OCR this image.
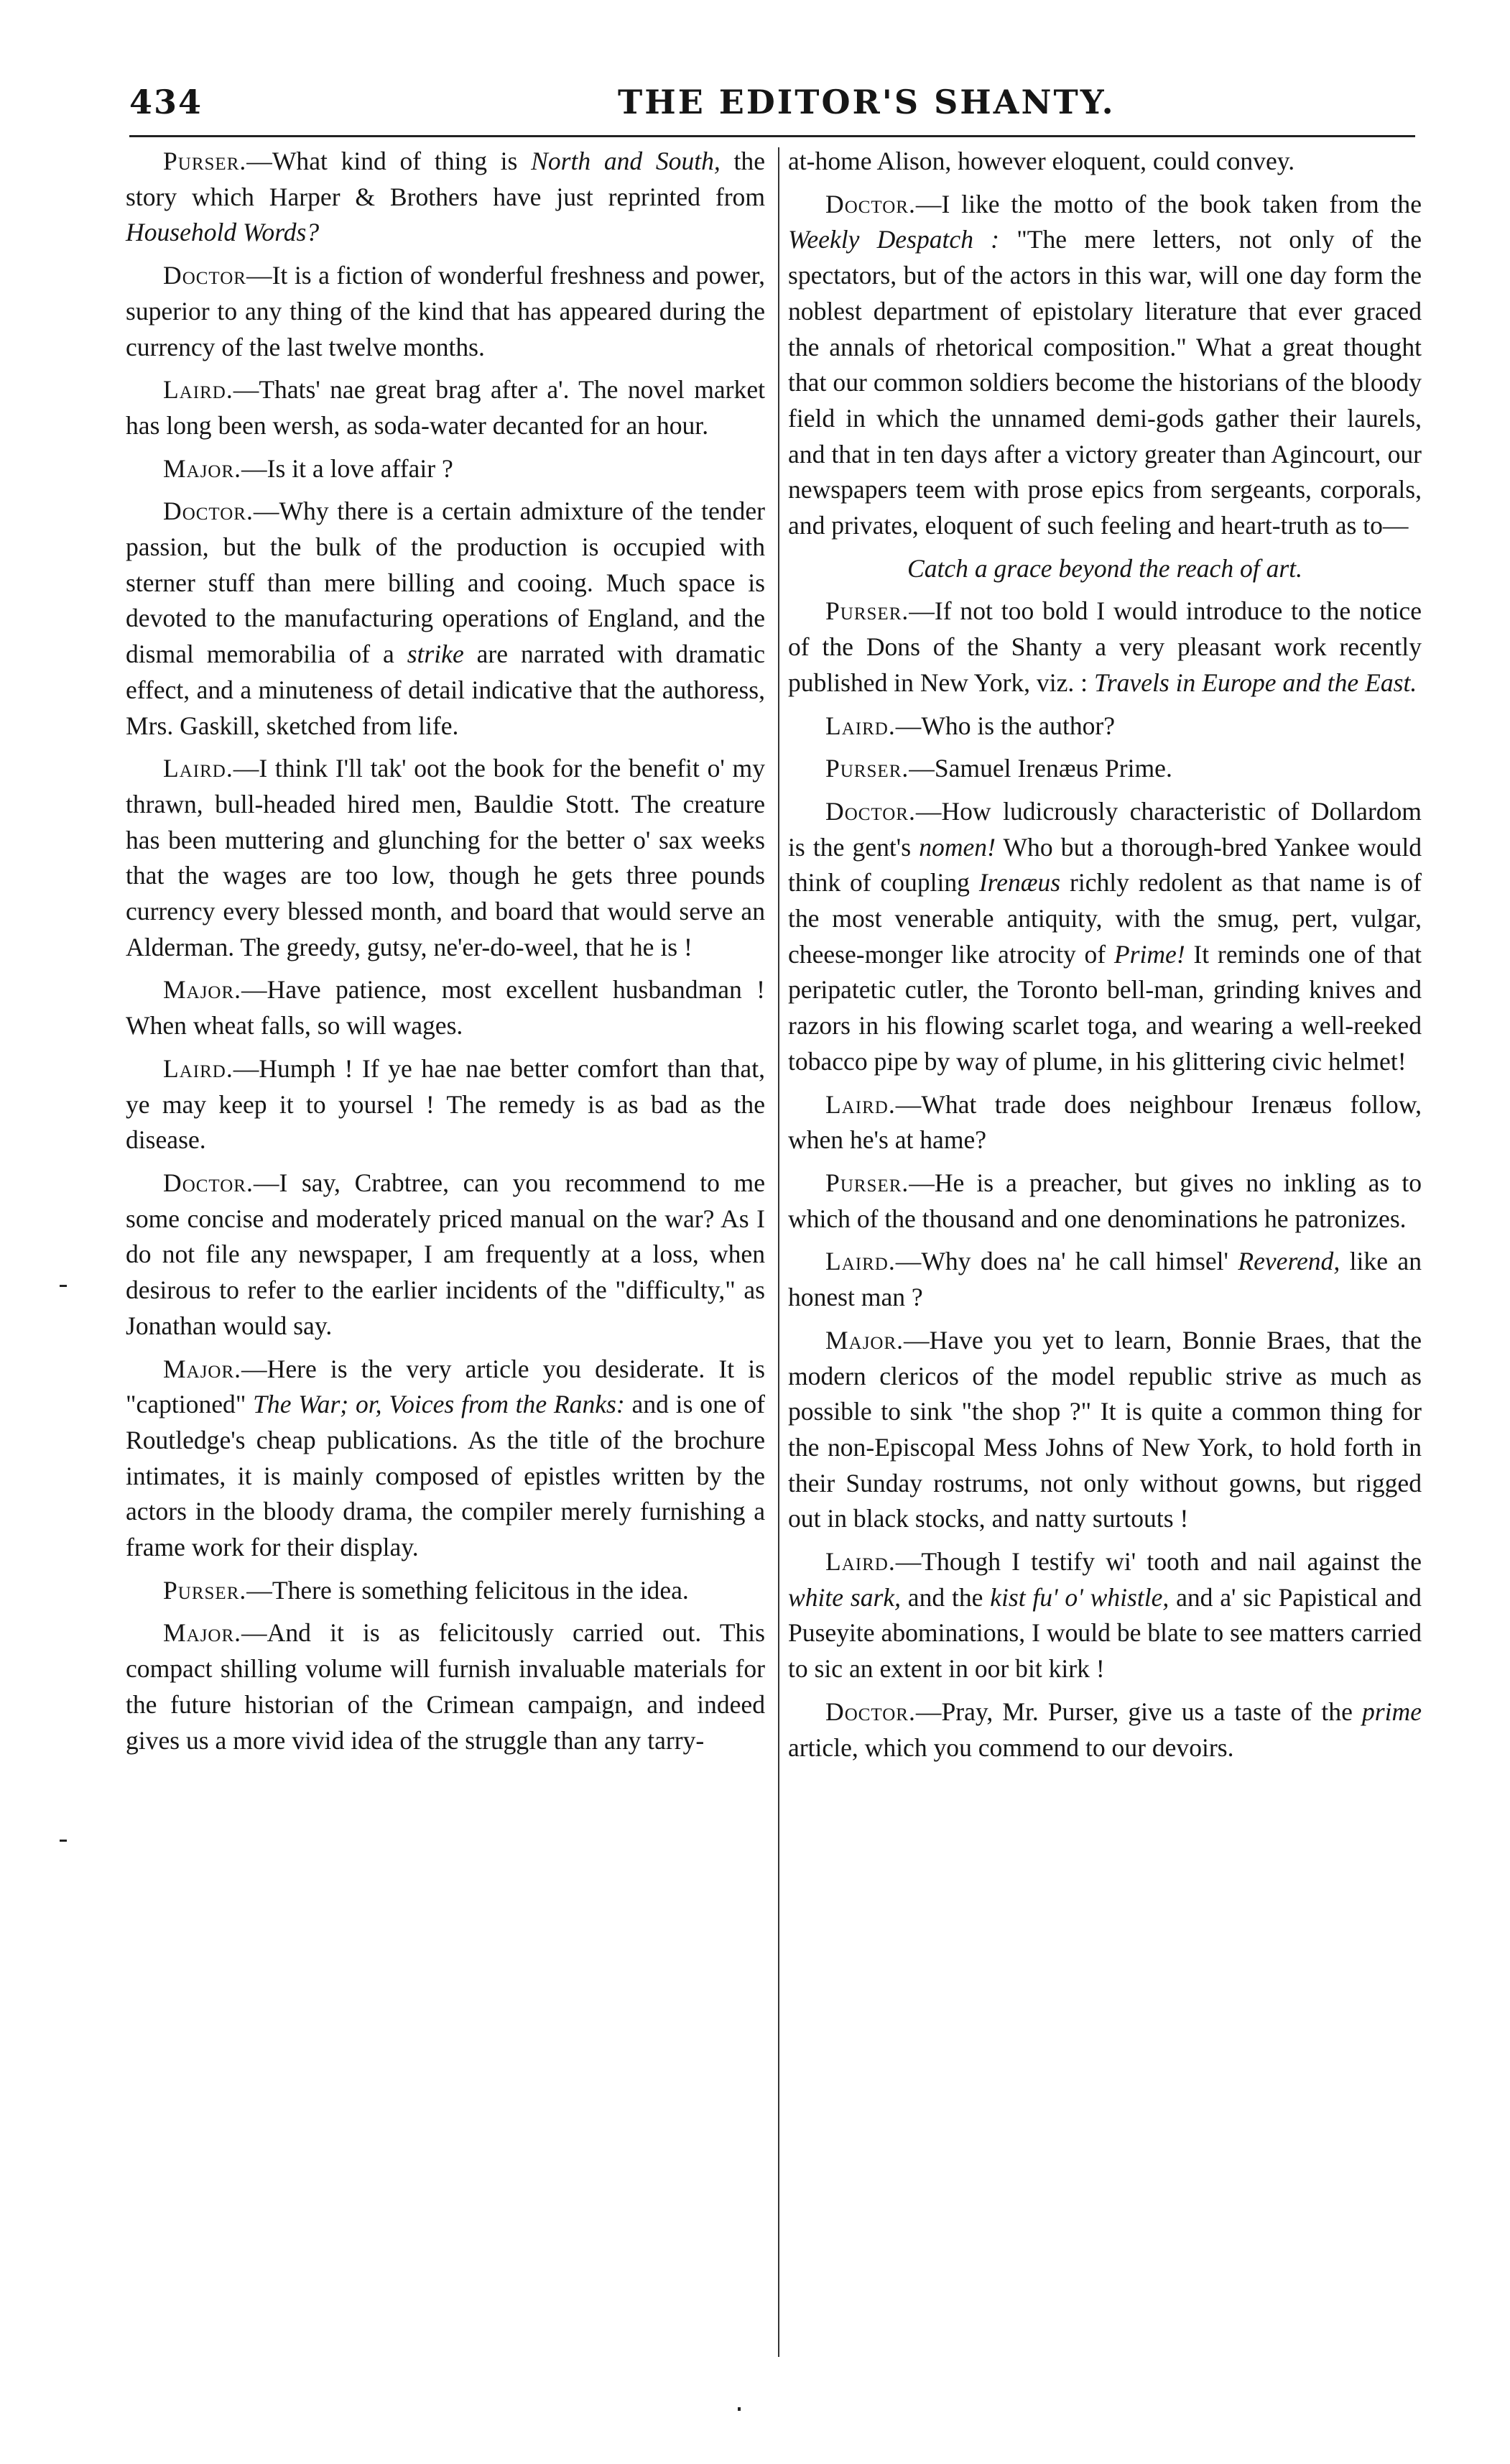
434	THE EDITOR'S SHANTY.

Purser.—What kind of thing is North and South, the story which Harper & Brothers have just reprinted from Household Words?

Doctor—It is a fiction of wonderful freshness and power, superior to any thing of the kind that has appeared during the currency of the last twelve months.

Laird.—Thats' nae great brag after a'. The novel market has long been wersh, as soda-water decanted for an hour.

Major.—Is it a love affair ?

Doctor.—Why there is a certain admixture of the tender passion, but the bulk of the production is occupied with sterner stuff than mere billing and cooing. Much space is devoted to the manufacturing operations of England, and the dismal memorabilia of a strike are narrated with dramatic effect, and a minuteness of detail indicative that the authoress, Mrs. Gaskill, sketched from life.

Laird.—I think I'll tak' oot the book for the benefit o' my thrawn, bull-headed hired men, Bauldie Stott. The creature has been muttering and glunching for the better o' sax weeks that the wages are too low, though he gets three pounds currency every blessed month, and board that would serve an Alderman. The greedy, gutsy, ne'er-do-weel, that he is !

Major.—Have patience, most excellent husbandman ! When wheat falls, so will wages.

Laird.—Humph ! If ye hae nae better comfort than that, ye may keep it to yoursel ! The remedy is as bad as the disease.

Doctor.—I say, Crabtree, can you recommend to me some concise and moderately priced manual on the war? As I do not file any newspaper, I am frequently at a loss, when desirous to refer to the earlier incidents of the "difficulty," as Jonathan would say.

Major.—Here is the very article you desiderate. It is "captioned" The War; or, Voices from the Ranks: and is one of Routledge's cheap publications. As the title of the brochure intimates, it is mainly composed of epistles written by the actors in the bloody drama, the compiler merely furnishing a frame work for their display.

Purser.—There is something felicitous in the idea.

Major.—And it is as felicitously carried out. This compact shilling volume will furnish invaluable materials for the future historian of the Crimean campaign, and indeed gives us a more vivid idea of the struggle than any tarry-

at-home Alison, however eloquent, could convey.

Doctor.—I like the motto of the book taken from the Weekly Despatch : "The mere letters, not only of the spectators, but of the actors in this war, will one day form the noblest department of epistolary literature that ever graced the annals of rhetorical composition." What a great thought that our common soldiers become the historians of the bloody field in which the unnamed demi-gods gather their laurels, and that in ten days after a victory greater than Agincourt, our newspapers teem with prose epics from sergeants, corporals, and privates, eloquent of such feeling and heart-truth as to—

Catch a grace beyond the reach of art.

Purser.—If not too bold I would introduce to the notice of the Dons of the Shanty a very pleasant work recently published in New York, viz. : Travels in Europe and the East.

Laird.—Who is the author?

Purser.—Samuel Irenæus Prime.

Doctor.—How ludicrously characteristic of Dollardom is the gent's nomen! Who but a thorough-bred Yankee would think of coupling Irenæus richly redolent as that name is of the most venerable antiquity, with the smug, pert, vulgar, cheese-monger like atrocity of Prime! It reminds one of that peripatetic cutler, the Toronto bell-man, grinding knives and razors in his flowing scarlet toga, and wearing a well-reeked tobacco pipe by way of plume, in his glittering civic helmet!

Laird.—What trade does neighbour Irenæus follow, when he's at hame?

Purser.—He is a preacher, but gives no inkling as to which of the thousand and one denominations he patronizes.

Laird.—Why does na' he call himsel' Reverend, like an honest man ?

Major.—Have you yet to learn, Bonnie Braes, that the modern clericos of the model republic strive as much as possible to sink "the shop ?" It is quite a common thing for the non-Episcopal Mess Johns of New York, to hold forth in their Sunday rostrums, not only without gowns, but rigged out in black stocks, and natty surtouts !

Laird.—Though I testify wi' tooth and nail against the white sark, and the kist fu' o' whistle, and a' sic Papistical and Puseyite abominations, I would be blate to see matters carried to sic an extent in oor bit kirk !

Doctor.—Pray, Mr. Purser, give us a taste of the prime article, which you commend to our devoirs.
